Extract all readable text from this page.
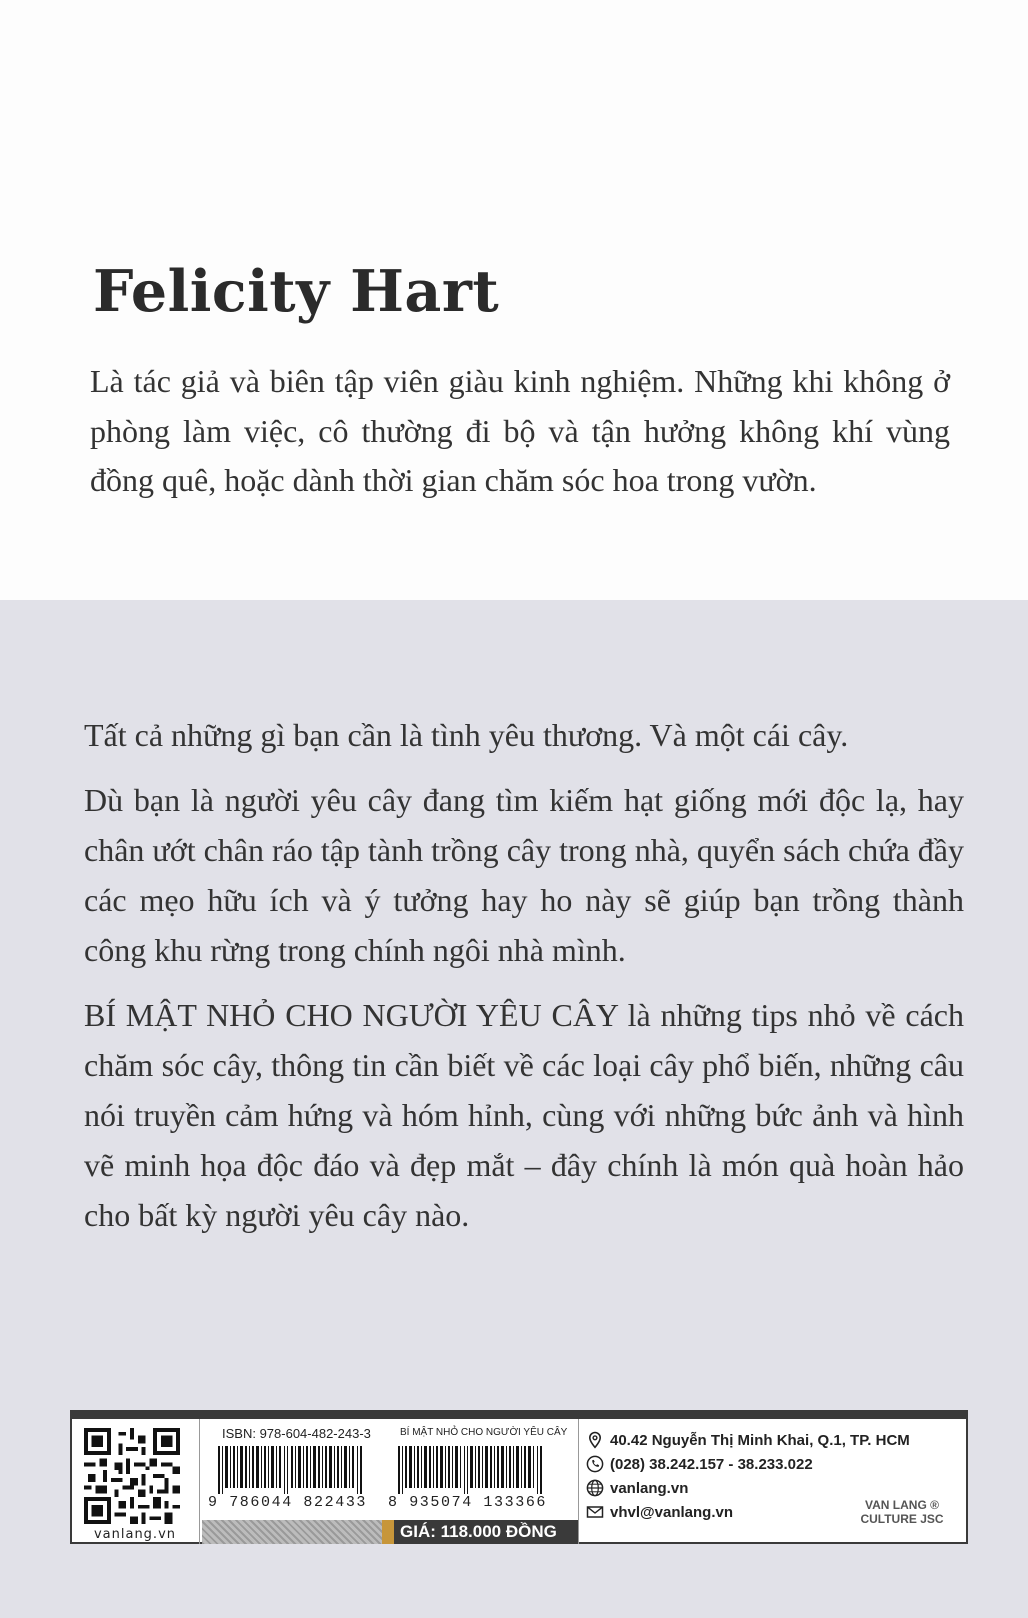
Felicity Hart
Là tác giả và biên tập viên giàu kinh nghiệm. Những khi không ở phòng làm việc, cô thường đi bộ và tận hưởng không khí vùng đồng quê, hoặc dành thời gian chăm sóc hoa trong vườn.

Tất cả những gì bạn cần là tình yêu thương. Và một cái cây.

Dù bạn là người yêu cây đang tìm kiếm hạt giống mới độc lạ, hay chân ướt chân ráo tập tành trồng cây trong nhà, quyển sách chứa đầy các mẹo hữu ích và ý tưởng hay ho này sẽ giúp bạn trồng thành công khu rừng trong chính ngôi nhà mình.

BÍ MẬT NHỎ CHO NGƯỜI YÊU CÂY là những tips nhỏ về cách chăm sóc cây, thông tin cần biết về các loại cây phổ biến, những câu nói truyền cảm hứng và hóm hỉnh, cùng với những bức ảnh và hình vẽ minh họa độc đáo và đẹp mắt – đây chính là món quà hoàn hảo cho bất kỳ người yêu cây nào.

vanlang.vn
ISBN: 978-604-482-243-3
9 786044 822433
BÍ MẬT NHỎ CHO NGƯỜI YÊU CÂY
8 935074 133366
GIÁ: 118.000 ĐỒNG
40.42 Nguyễn Thị Minh Khai, Q.1, TP. HCM
(028) 38.242.157 - 38.233.022
vanlang.vn
vhvl@vanlang.vn	VAN LANG ®
CULTURE JSC
